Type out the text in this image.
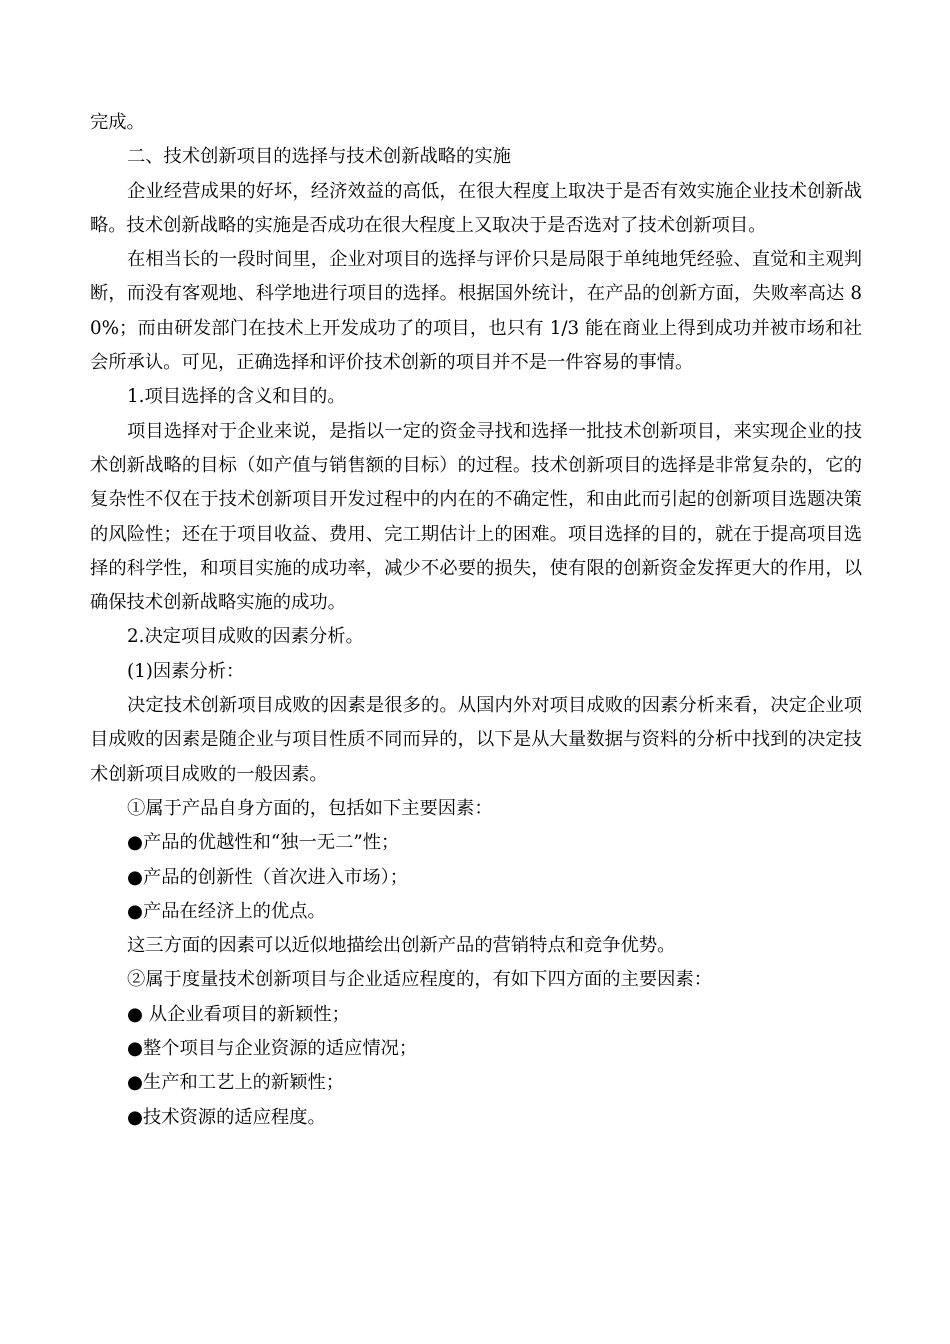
完成。

二、技术创新项目的选择与技术创新战略的实施

企业经营成果的好坏，经济效益的高低，在很大程度上取决于是否有效实施企业技术创新战略。技术创新战略的实施是否成功在很大程度上又取决于是否选对了技术创新项目。

在相当长的一段时间里，企业对项目的选择与评价只是局限于单纯地凭经验、直觉和主观判断，而没有客观地、科学地进行项目的选择。根据国外统计，在产品的创新方面，失败率高达 80%；而由研发部门在技术上开发成功了的项目，也只有 1/3 能在商业上得到成功并被市场和社会所承认。可见，正确选择和评价技术创新的项目并不是一件容易的事情。

1.项目选择的含义和目的。

项目选择对于企业来说，是指以一定的资金寻找和选择一批技术创新项目，来实现企业的技术创新战略的目标（如产值与销售额的目标）的过程。技术创新项目的选择是非常复杂的，它的复杂性不仅在于技术创新项目开发过程中的内在的不确定性，和由此而引起的创新项目选题决策的风险性；还在于项目收益、费用、完工期估计上的困难。项目选择的目的，就在于提高项目选择的科学性，和项目实施的成功率，减少不必要的损失，使有限的创新资金发挥更大的作用，以确保技术创新战略实施的成功。

2.决定项目成败的因素分析。

(1)因素分析：

决定技术创新项目成败的因素是很多的。从国内外对项目成败的因素分析来看，决定企业项目成败的因素是随企业与项目性质不同而异的，以下是从大量数据与资料的分析中找到的决定技术创新项目成败的一般因素。

①属于产品自身方面的，包括如下主要因素：

●产品的优越性和“独一无二”性；

●产品的创新性（首次进入市场）；

●产品在经济上的优点。

这三方面的因素可以近似地描绘出创新产品的营销特点和竞争优势。

②属于度量技术创新项目与企业适应程度的，有如下四方面的主要因素：

● 从企业看项目的新颖性；

●整个项目与企业资源的适应情况；

●生产和工艺上的新颖性；

●技术资源的适应程度。
